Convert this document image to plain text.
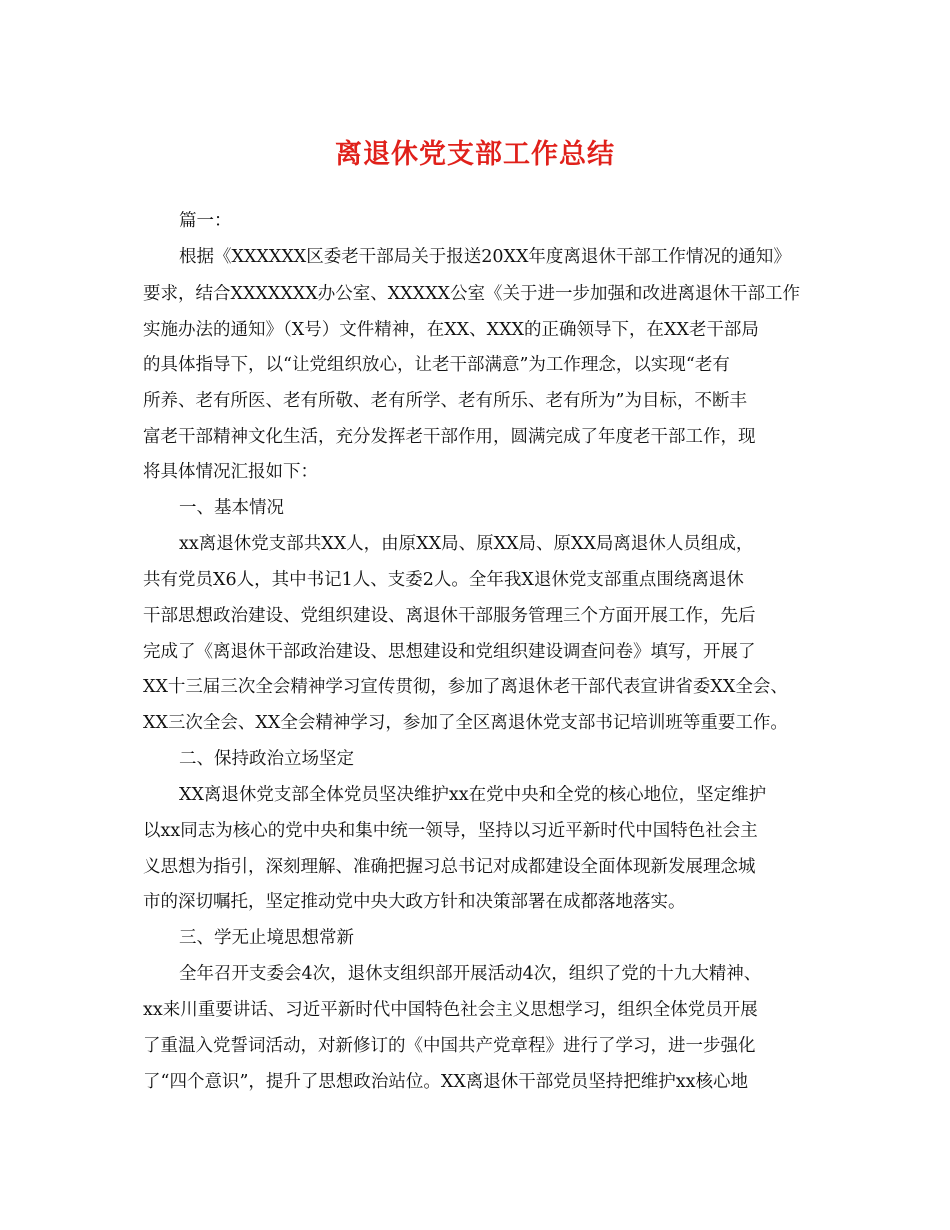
离退休党支部工作总结
篇一：
根据《XXXXXX区委老干部局关于报送20XX年度离退休干部工作情况的通知》
要求，结合XXXXXXX办公室、XXXXX公室《关于进一步加强和改进离退休干部工作
实施办法的通知》（X号）文件精神，在XX、XXX的正确领导下，在XX老干部局
的具体指导下，以“让党组织放心，让老干部满意”为工作理念，以实现“老有
所养、老有所医、老有所敬、老有所学、老有所乐、老有所为”为目标，不断丰
富老干部精神文化生活，充分发挥老干部作用，圆满完成了年度老干部工作，现
将具体情况汇报如下：
一、基本情况
xx离退休党支部共XX人，由原XX局、原XX局、原XX局离退休人员组成，
共有党员X6人，其中书记1人、支委2人。全年我X退休党支部重点围绕离退休
干部思想政治建设、党组织建设、离退休干部服务管理三个方面开展工作，先后
完成了《离退休干部政治建设、思想建设和党组织建设调查问卷》填写，开展了
XX十三届三次全会精神学习宣传贯彻，参加了离退休老干部代表宣讲省委XX全会、
XX三次全会、XX全会精神学习，参加了全区离退休党支部书记培训班等重要工作。
二、保持政治立场坚定
XX离退休党支部全体党员坚决维护xx在党中央和全党的核心地位，坚定维护
以xx同志为核心的党中央和集中统一领导，坚持以习近平新时代中国特色社会主
义思想为指引，深刻理解、准确把握习总书记对成都建设全面体现新发展理念城
市的深切嘱托，坚定推动党中央大政方针和决策部署在成都落地落实。
三、学无止境思想常新
全年召开支委会4次，退休支组织部开展活动4次，组织了党的十九大精神、
xx来川重要讲话、习近平新时代中国特色社会主义思想学习，组织全体党员开展
了重温入党誓词活动，对新修订的《中国共产党章程》进行了学习，进一步强化
了“四个意识”，提升了思想政治站位。XX离退休干部党员坚持把维护xx核心地
